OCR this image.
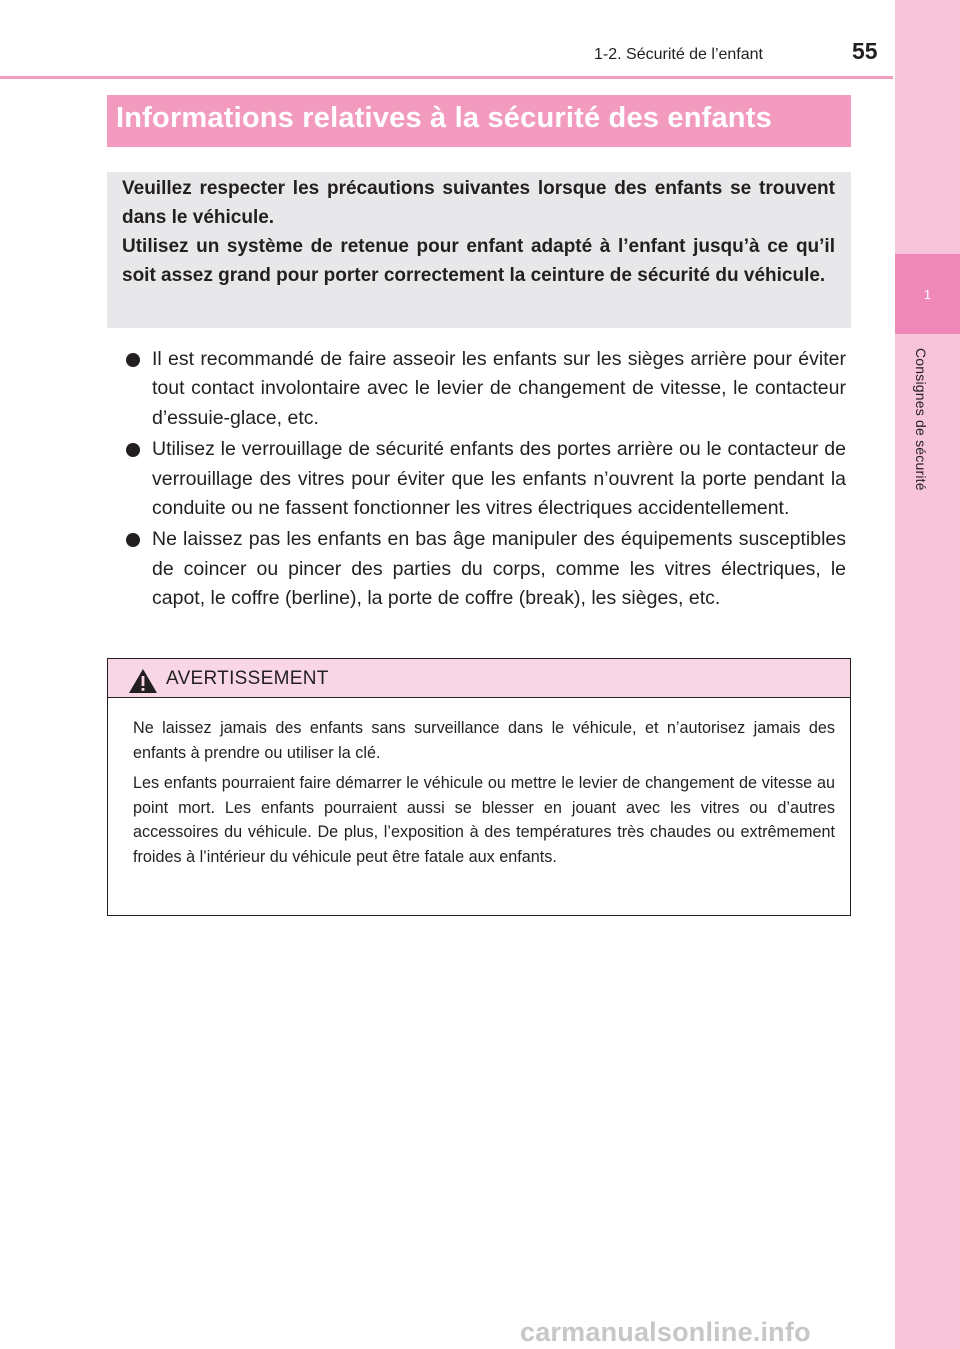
1
Consignes de sécurité
1-2. Sécurité de l’enfant	55
Informations relatives à la sécurité des enfants

Veuillez respecter les précautions suivantes lorsque des enfants se trouvent dans le véhicule.

Utilisez un système de retenue pour enfant adapté à l’enfant jusqu’à ce qu’il soit assez grand pour porter correctement la ceinture de sécurité du véhicule.

Il est recommandé de faire asseoir les enfants sur les sièges arrière pour éviter tout contact involontaire avec le levier de changement de vitesse, le contacteur d’essuie-glace, etc.
Utilisez le verrouillage de sécurité enfants des portes arrière ou le contacteur de verrouillage des vitres pour éviter que les enfants n’ouvrent la porte pendant la conduite ou ne fassent fonctionner les vitres électriques accidentellement.
Ne laissez pas les enfants en bas âge manipuler des équipements susceptibles de coincer ou pincer des parties du corps, comme les vitres électriques, le capot, le coffre (berline), la porte de coffre (break), les sièges, etc.
AVERTISSEMENT

Ne laissez jamais des enfants sans surveillance dans le véhicule, et n’autorisez jamais des enfants à prendre ou utiliser la clé.

Les enfants pourraient faire démarrer le véhicule ou mettre le levier de changement de vitesse au point mort. Les enfants pourraient aussi se blesser en jouant avec les vitres ou d’autres accessoires du véhicule. De plus, l’exposition à des températures très chaudes ou extrêmement froides à l’intérieur du véhicule peut être fatale aux enfants.

carmanualsonline.info
